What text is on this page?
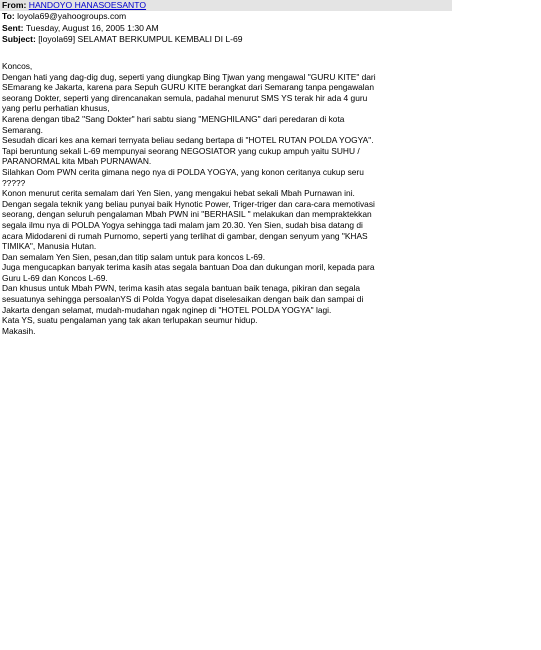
From: HANDOYO HANASOESANTO
To: loyola69@yahoogroups.com
Sent: Tuesday, August 16, 2005 1:30 AM
Subject: [loyola69] SELAMAT BERKUMPUL KEMBALI DI L-69
Koncos,
Dengan hati yang dag-dig dug, seperti yang diungkap Bing Tjwan yang mengawal "GURU KITE" dari
SEmarang ke Jakarta, karena para Sepuh GURU KITE berangkat dari Semarang tanpa pengawalan
seorang Dokter, seperti yang direncanakan semula, padahal menurut SMS YS terak hir ada 4 guru
yang perlu perhatian khusus,
Karena dengan tiba2 "Sang Dokter" hari sabtu siang "MENGHILANG" dari peredaran di kota
Semarang.
Sesudah dicari kes ana kemari ternyata beliau sedang bertapa di "HOTEL RUTAN POLDA YOGYA".
Tapi beruntung sekali L-69 mempunyai seorang NEGOSIATOR yang cukup ampuh yaitu SUHU /
PARANORMAL kita Mbah PURNAWAN.
Silahkan Oom PWN cerita gimana nego nya di POLDA YOGYA, yang konon ceritanya cukup seru
?????
Konon menurut cerita semalam dari Yen Sien, yang mengakui hebat sekali Mbah Purnawan ini.
Dengan segala teknik yang beliau punyai baik Hynotic Power, Triger-triger dan cara-cara memotivasi
seorang, dengan seluruh pengalaman Mbah PWN ini "BERHASIL " melakukan dan mempraktekkan
segala ilmu nya di POLDA Yogya sehingga tadi malam jam 20.30. Yen Sien, sudah bisa datang di
acara Midodareni di rumah Purnomo, seperti yang terlihat di gambar, dengan senyum yang "KHAS
TIMIKA", Manusia Hutan.
Dan semalam Yen Sien, pesan,dan titip salam untuk para koncos L-69.
Juga mengucapkan banyak terima kasih atas segala bantuan Doa dan dukungan moril, kepada para
Guru L-69 dan Koncos L-69.
Dan khusus untuk Mbah PWN, terima kasih atas segala bantuan baik tenaga, pikiran dan segala
sesuatunya sehingga persoalanYS di Polda Yogya dapat diselesaikan dengan baik dan sampai di
Jakarta dengan selamat, mudah-mudahan ngak nginep di "HOTEL POLDA YOGYA" lagi.
Kata YS, suatu pengalaman yang tak akan terlupakan seumur hidup.
Makasih.
